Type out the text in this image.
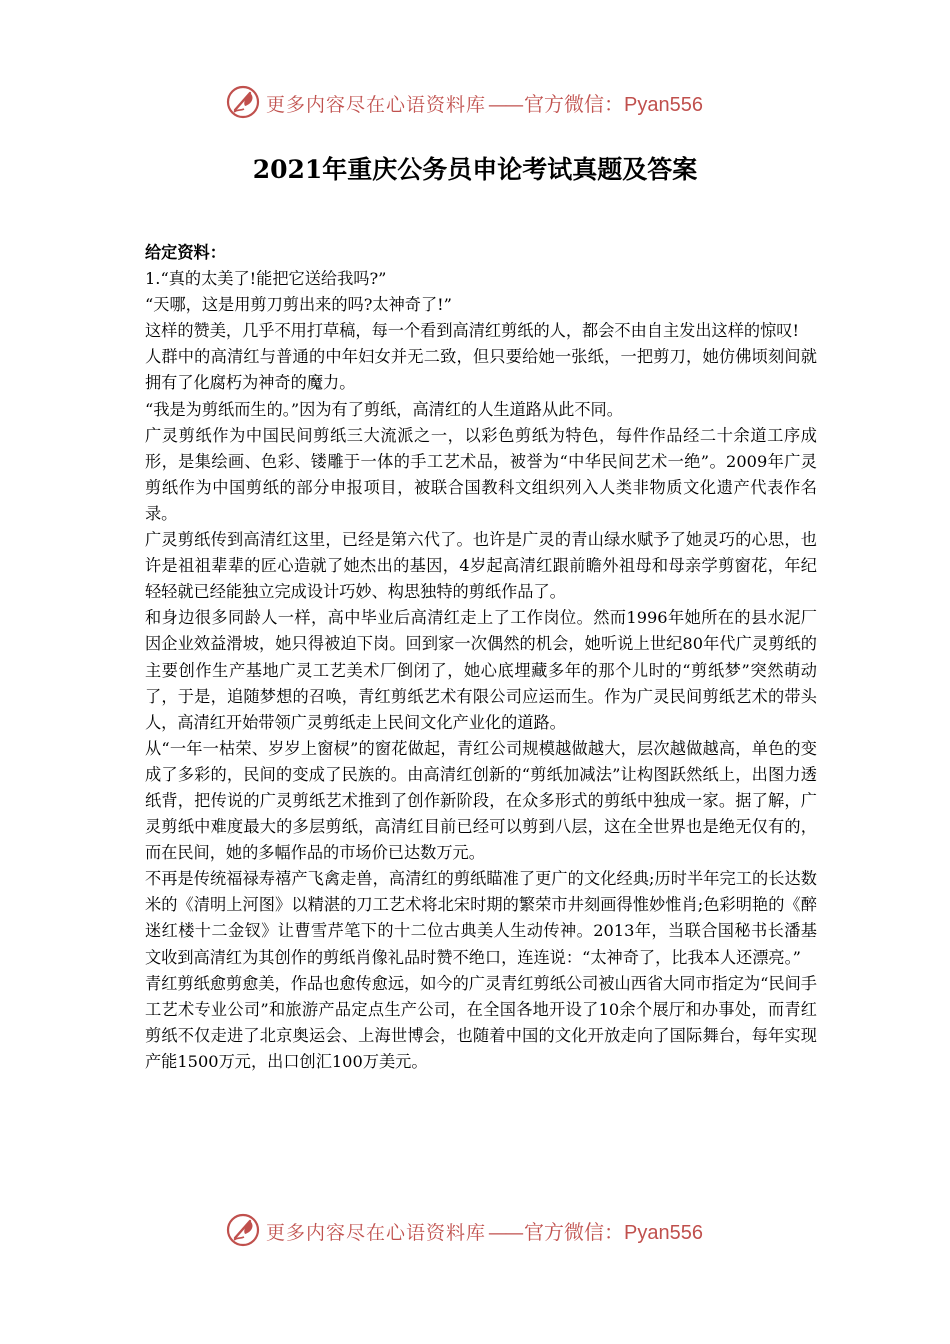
更多内容尽在心语资料库 —— 官方微信：Pyan556
2021年重庆公务员申论考试真题及答案

给定资料：

1.“真的太美了!能把它送给我吗?”

“天哪，这是用剪刀剪出来的吗?太神奇了!”

这样的赞美，几乎不用打草稿，每一个看到高清红剪纸的人，都会不由自主发出这样的惊叹!

人群中的高清红与普通的中年妇女并无二致，但只要给她一张纸，一把剪刀，她仿佛顷刻间就拥有了化腐朽为神奇的魔力。

“我是为剪纸而生的。”因为有了剪纸，高清红的人生道路从此不同。

广灵剪纸作为中国民间剪纸三大流派之一，以彩色剪纸为特色，每件作品经二十余道工序成形，是集绘画、色彩、镂雕于一体的手工艺术品，被誉为“中华民间艺术一绝”。2009年广灵剪纸作为中国剪纸的部分申报项目，被联合国教科文组织列入人类非物质文化遗产代表作名录。

广灵剪纸传到高清红这里，已经是第六代了。也许是广灵的青山绿水赋予了她灵巧的心思，也许是祖祖辈辈的匠心造就了她杰出的基因，4岁起高清红跟前瞻外祖母和母亲学剪窗花，年纪轻轻就已经能独立完成设计巧妙、构思独特的剪纸作品了。

和身边很多同龄人一样，高中毕业后高清红走上了工作岗位。然而1996年她所在的县水泥厂因企业效益滑坡，她只得被迫下岗。回到家一次偶然的机会，她听说上世纪80年代广灵剪纸的主要创作生产基地广灵工艺美术厂倒闭了，她心底埋藏多年的那个儿时的“剪纸梦”突然萌动了，于是，追随梦想的召唤，青红剪纸艺术有限公司应运而生。作为广灵民间剪纸艺术的带头人，高清红开始带领广灵剪纸走上民间文化产业化的道路。

从“一年一枯荣、岁岁上窗棂”的窗花做起，青红公司规模越做越大，层次越做越高，单色的变成了多彩的，民间的变成了民族的。由高清红创新的“剪纸加减法”让构图跃然纸上，出图力透纸背，把传说的广灵剪纸艺术推到了创作新阶段，在众多形式的剪纸中独成一家。据了解，广灵剪纸中难度最大的多层剪纸，高清红目前已经可以剪到八层，这在全世界也是绝无仅有的，而在民间，她的多幅作品的市场价已达数万元。

不再是传统福禄寿禧产飞禽走兽，高清红的剪纸瞄准了更广的文化经典;历时半年完工的长达数米的《清明上河图》以精湛的刀工艺术将北宋时期的繁荣市井刻画得惟妙惟肖;色彩明艳的《醉迷红楼十二金钗》让曹雪芹笔下的十二位古典美人生动传神。2013年，当联合国秘书长潘基文收到高清红为其创作的剪纸肖像礼品时赞不绝口，连连说：“太神奇了，比我本人还漂亮。”

青红剪纸愈剪愈美，作品也愈传愈远，如今的广灵青红剪纸公司被山西省大同市指定为“民间手工艺术专业公司”和旅游产品定点生产公司，在全国各地开设了10余个展厅和办事处，而青红剪纸不仅走进了北京奥运会、上海世博会，也随着中国的文化开放走向了国际舞台，每年实现产能1500万元，出口创汇100万美元。

更多内容尽在心语资料库 —— 官方微信：Pyan556
